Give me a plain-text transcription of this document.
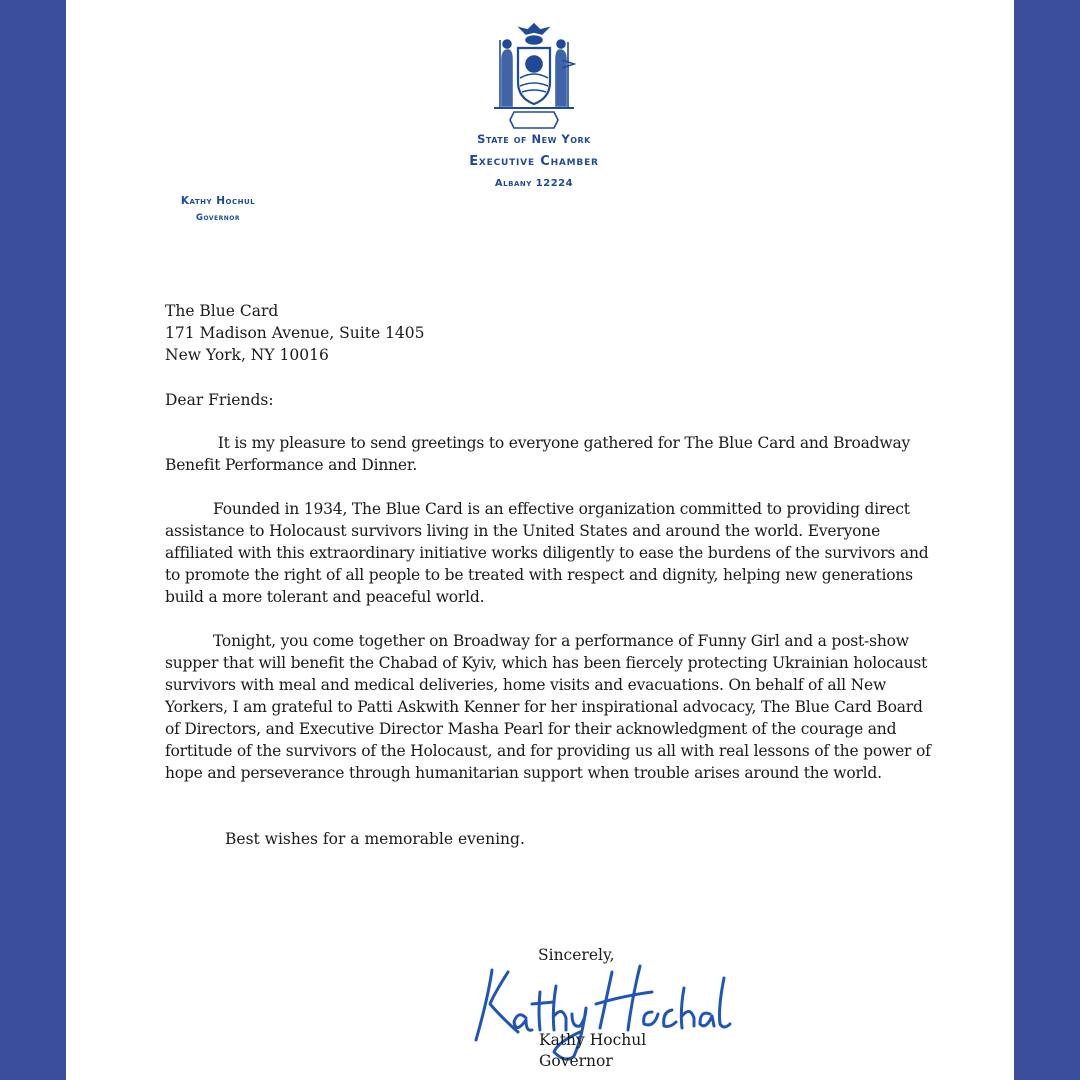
State of New York
Executive Chamber
Albany 12224
Kathy Hochul
Governor
The Blue Card
171 Madison Avenue, Suite 1405
New York, NY 10016
Dear Friends:
It is my pleasure to send greetings to everyone gathered for The Blue Card and Broadway Benefit Performance and Dinner.
Founded in 1934, The Blue Card is an effective organization committed to providing direct assistance to Holocaust survivors living in the United States and around the world. Everyone affiliated with this extraordinary initiative works diligently to ease the burdens of the survivors and to promote the right of all people to be treated with respect and dignity, helping new generations build a more tolerant and peaceful world.
Tonight, you come together on Broadway for a performance of Funny Girl and a post-show supper that will benefit the Chabad of Kyiv, which has been fiercely protecting Ukrainian holocaust survivors with meal and medical deliveries, home visits and evacuations. On behalf of all New Yorkers, I am grateful to Patti Askwith Kenner for her inspirational advocacy, The Blue Card Board of Directors, and Executive Director Masha Pearl for their acknowledgment of the courage and fortitude of the survivors of the Holocaust, and for providing us all with real lessons of the power of hope and perseverance through humanitarian support when trouble arises around the world.
Best wishes for a memorable evening.
Sincerely,
Kathy Hochul
Governor
